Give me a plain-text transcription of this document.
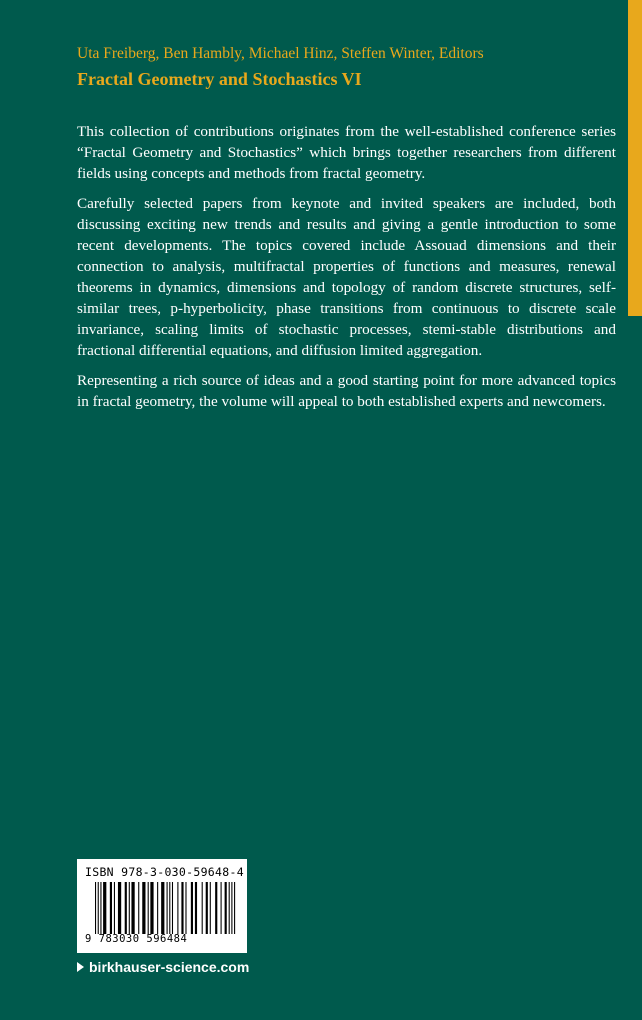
Uta Freiberg, Ben Hambly, Michael Hinz, Steffen Winter, Editors
Fractal Geometry and Stochastics VI

This collection of contributions originates from the well-established conference series “Fractal Geometry and Stochastics” which brings together researchers from different fields using concepts and methods from fractal geometry.

Carefully selected papers from keynote and invited speakers are included, both discussing exciting new trends and results and giving a gentle introduction to some recent developments. The topics covered include Assouad dimensions and their connection to analysis, multifractal properties of functions and measures, renewal theorems in dynamics, dimensions and topology of random discrete structures, self-similar trees, p-hyperbolicity, phase transitions from continuous to discrete scale invariance, scaling limits of stochastic processes, stemi-stable distributions and fractional differential equations, and diffusion limited aggregation.

Representing a rich source of ideas and a good starting point for more advanced topics in fractal geometry, the volume will appeal to both established experts and newcomers.

ISBN 978-3-030-59648-4
9 783030 596484
birkhauser-science.com
